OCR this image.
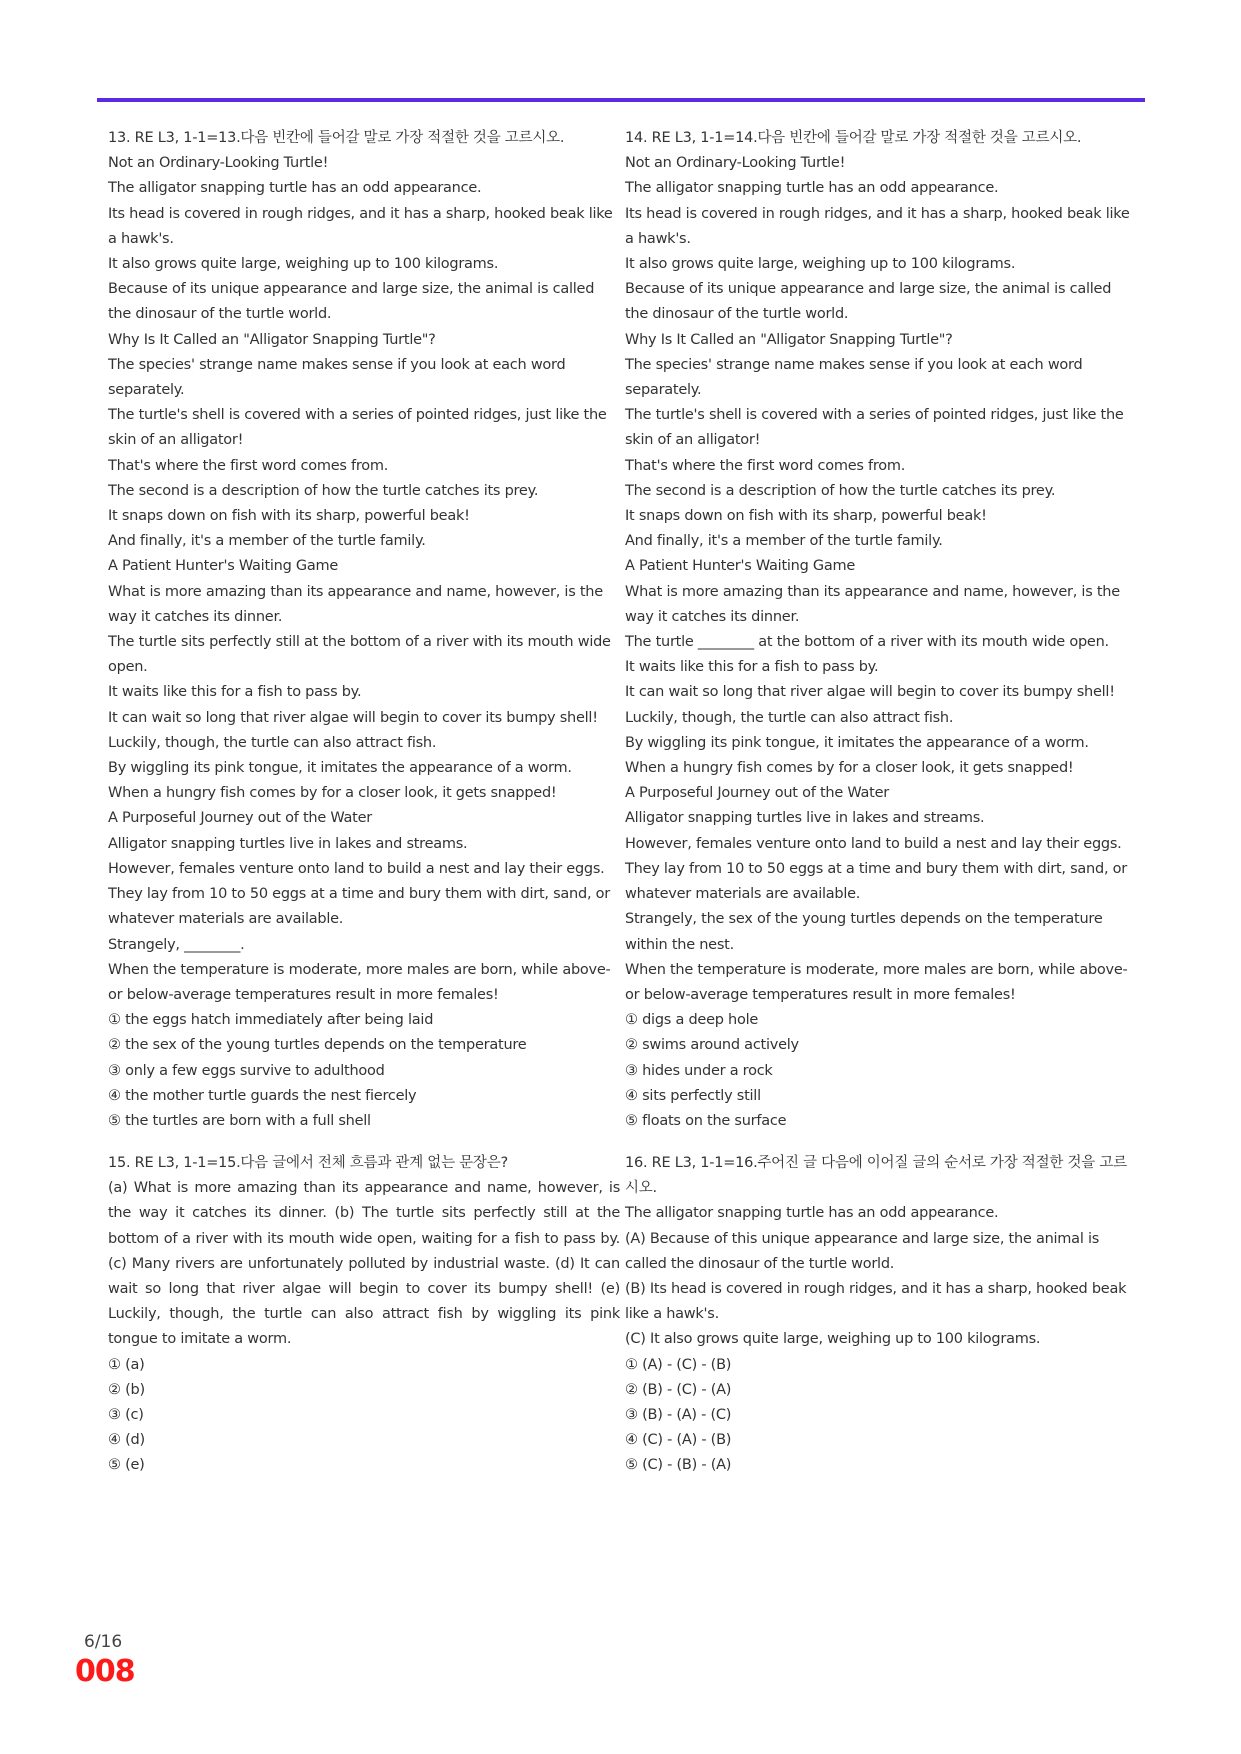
13. RE L3, 1-1=13.다음 빈칸에 들어갈 말로 가장 적절한 것을 고르시오.

Not an Ordinary-Looking Turtle!

The alligator snapping turtle has an odd appearance.

Its head is covered in rough ridges, and it has a sharp, hooked beak like a hawk's.

It also grows quite large, weighing up to 100 kilograms.

Because of its unique appearance and large size, the animal is called the dinosaur of the turtle world.

Why Is It Called an "Alligator Snapping Turtle"?

The species' strange name makes sense if you look at each word separately.

The turtle's shell is covered with a series of pointed ridges, just like the skin of an alligator!

That's where the first word comes from.

The second is a description of how the turtle catches its prey.

It snaps down on fish with its sharp, powerful beak!

And finally, it's a member of the turtle family.

A Patient Hunter's Waiting Game

What is more amazing than its appearance and name, however, is the way it catches its dinner.

The turtle sits perfectly still at the bottom of a river with its mouth wide open.

It waits like this for a fish to pass by.

It can wait so long that river algae will begin to cover its bumpy shell!

Luckily, though, the turtle can also attract fish.

By wiggling its pink tongue, it imitates the appearance of a worm.

When a hungry fish comes by for a closer look, it gets snapped!

A Purposeful Journey out of the Water

Alligator snapping turtles live in lakes and streams.

However, females venture onto land to build a nest and lay their eggs.

They lay from 10 to 50 eggs at a time and bury them with dirt, sand, or whatever materials are available.

Strangely, ________.

When the temperature is moderate, more males are born, while above- or below-average temperatures result in more females!

① the eggs hatch immediately after being laid

② the sex of the young turtles depends on the temperature

③ only a few eggs survive to adulthood

④ the mother turtle guards the nest fiercely

⑤ the turtles are born with a full shell

14. RE L3, 1-1=14.다음 빈칸에 들어갈 말로 가장 적절한 것을 고르시오.

Not an Ordinary-Looking Turtle!

The alligator snapping turtle has an odd appearance.

Its head is covered in rough ridges, and it has a sharp, hooked beak like a hawk's.

It also grows quite large, weighing up to 100 kilograms.

Because of its unique appearance and large size, the animal is called the dinosaur of the turtle world.

Why Is It Called an "Alligator Snapping Turtle"?

The species' strange name makes sense if you look at each word separately.

The turtle's shell is covered with a series of pointed ridges, just like the skin of an alligator!

That's where the first word comes from.

The second is a description of how the turtle catches its prey.

It snaps down on fish with its sharp, powerful beak!

And finally, it's a member of the turtle family.

A Patient Hunter's Waiting Game

What is more amazing than its appearance and name, however, is the way it catches its dinner.

The turtle ________ at the bottom of a river with its mouth wide open.

It waits like this for a fish to pass by.

It can wait so long that river algae will begin to cover its bumpy shell!

Luckily, though, the turtle can also attract fish.

By wiggling its pink tongue, it imitates the appearance of a worm.

When a hungry fish comes by for a closer look, it gets snapped!

A Purposeful Journey out of the Water

Alligator snapping turtles live in lakes and streams.

However, females venture onto land to build a nest and lay their eggs.

They lay from 10 to 50 eggs at a time and bury them with dirt, sand, or whatever materials are available.

Strangely, the sex of the young turtles depends on the temperature within the nest.

When the temperature is moderate, more males are born, while above- or below-average temperatures result in more females!

① digs a deep hole

② swims around actively

③ hides under a rock

④ sits perfectly still

⑤ floats on the surface

15. RE L3, 1-1=15.다음 글에서 전체 흐름과 관계 없는 문장은?

(a) What is more amazing than its appearance and name, however, is the way it catches its dinner. (b) The turtle sits perfectly still at the bottom of a river with its mouth wide open, waiting for a fish to pass by. (c) Many rivers are unfortunately polluted by industrial waste. (d) It can wait so long that river algae will begin to cover its bumpy shell! (e) Luckily, though, the turtle can also attract fish by wiggling its pink tongue to imitate a worm.

① (a)

② (b)

③ (c)

④ (d)

⑤ (e)

16. RE L3, 1-1=16.주어진 글 다음에 이어질 글의 순서로 가장 적절한 것을 고르시오.

The alligator snapping turtle has an odd appearance.

(A) Because of this unique appearance and large size, the animal is called the dinosaur of the turtle world.

(B) Its head is covered in rough ridges, and it has a sharp, hooked beak like a hawk's.

(C) It also grows quite large, weighing up to 100 kilograms.

① (A) - (C) - (B)

② (B) - (C) - (A)

③ (B) - (A) - (C)

④ (C) - (A) - (B)

⑤ (C) - (B) - (A)

6/16
008
